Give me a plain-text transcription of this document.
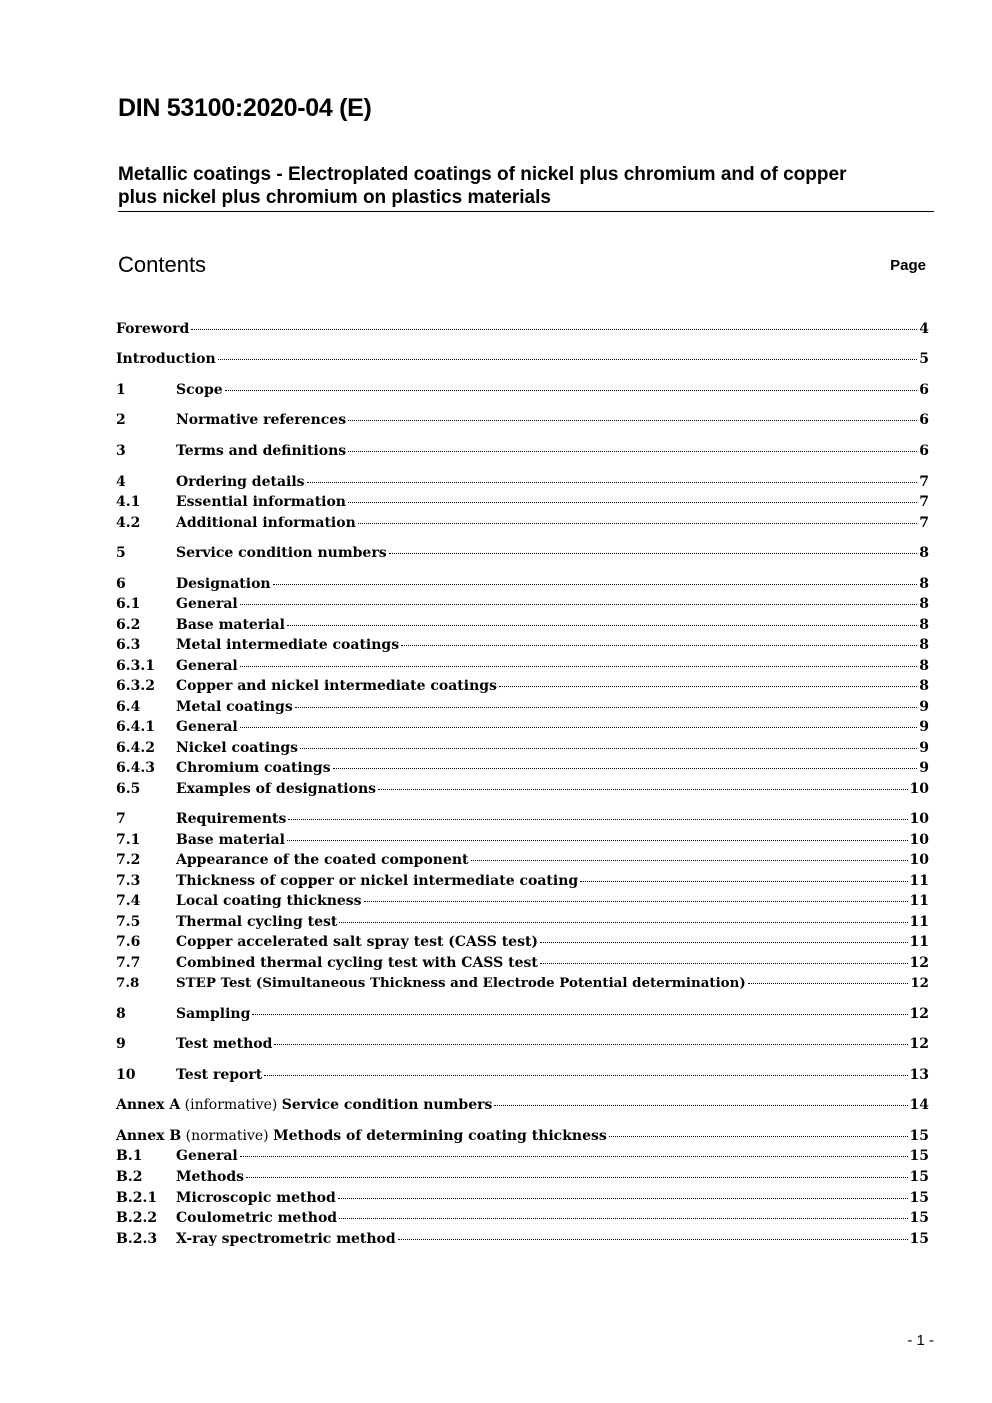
DIN 53100:2020-04 (E)
Metallic coatings - Electroplated coatings of nickel plus chromium and of copper
plus nickel plus chromium on plastics materials
Contents	Page
Foreword	4
Introduction	5
1	Scope	6
2	Normative references	6
3	Terms and definitions	6
4	Ordering details	7
4.1	Essential information	7
4.2	Additional information	7
5	Service condition numbers	8
6	Designation	8
6.1	General	8
6.2	Base material	8
6.3	Metal intermediate coatings	8
6.3.1	General	8
6.3.2	Copper and nickel intermediate coatings	8
6.4	Metal coatings	9
6.4.1	General	9
6.4.2	Nickel coatings	9
6.4.3	Chromium coatings	9
6.5	Examples of designations	10
7	Requirements	10
7.1	Base material	10
7.2	Appearance of the coated component	10
7.3	Thickness of copper or nickel intermediate coating	11
7.4	Local coating thickness	11
7.5	Thermal cycling test	11
7.6	Copper accelerated salt spray test (CASS test)	11
7.7	Combined thermal cycling test with CASS test	12
7.8	STEP Test (Simultaneous Thickness and Electrode Potential determination)	12
8	Sampling	12
9	Test method	12
10	Test report	13
Annex A (informative) Service condition numbers	14
Annex B (normative) Methods of determining coating thickness	15
B.1	General	15
B.2	Methods	15
B.2.1	Microscopic method	15
B.2.2	Coulometric method	15
B.2.3	X-ray spectrometric method	15
- 1 -
